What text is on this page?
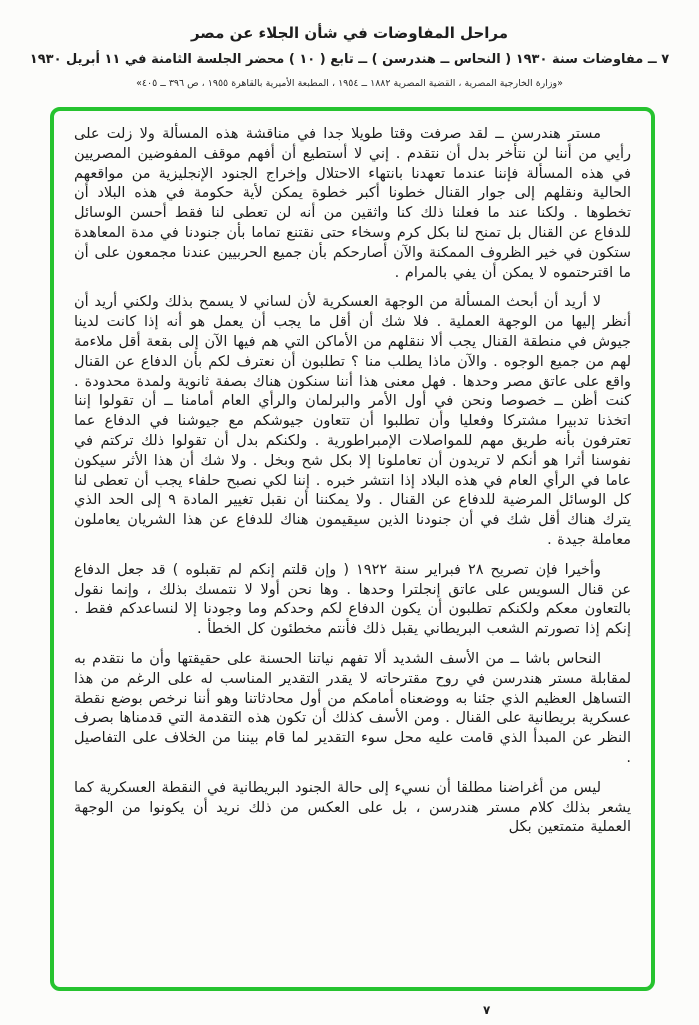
مراحل المفاوضات في شأن الجلاء عن مصر
٧ ــ مفاوضات سنة ١٩٣٠ ( النحاس ــ هندرسن ) ــ تابع ( ١٠ ) محضر الجلسة الثامنة في ١١ أبريل ١٩٣٠
«وزارة الخارجية المصرية ، القضية المصرية ١٨٨٢ ــ ١٩٥٤ ، المطبعة الأميرية بالقاهرة ١٩٥٥ ، ص ٣٩٦ ــ ٤٠٥»

مستر هندرسن ــ لقد صرفت وقتا طويلا جدا في مناقشة هذه المسألة ولا زلت على رأيي من أننا لن نتأخر بدل أن نتقدم . إني لا أستطيع أن أفهم موقف المفوضين المصريين في هذه المسألة فإننا عندما تعهدنا بانتهاء الاحتلال وإخراج الجنود الإنجليزية من مواقعهم الحالية ونقلهم إلى جوار القنال خطونا أكبر خطوة يمكن لأية حكومة في هذه البلاد أن تخطوها . ولكنا عند ما فعلنا ذلك كنا واثقين من أنه لن تعطى لنا فقط أحسن الوسائل للدفاع عن القنال بل تمنح لنا بكل كرم وسخاء حتى نقتنع تماما بأن جنودنا في مدة المعاهدة ستكون في خير الظروف الممكنة والآن أصارحكم بأن جميع الحربيين عندنا مجمعون على أن ما اقترحتموه لا يمكن أن يفي بالمرام .

لا أريد أن أبحث المسألة من الوجهة العسكرية لأن لساني لا يسمح بذلك ولكني أريد أن أنظر إليها من الوجهة العملية . فلا شك أن أقل ما يجب أن يعمل هو أنه إذا كانت لدينا جيوش في منطقة القنال يجب ألا ننقلهم من الأماكن التي هم فيها الآن إلى بقعة أقل ملاءمة لهم من جميع الوجوه . والآن ماذا يطلب منا ؟ تطلبون أن نعترف لكم بأن الدفاع عن القنال واقع على عاتق مصر وحدها . فهل معنى هذا أننا سنكون هناك بصفة ثانوية ولمدة محدودة . كنت أظن ــ خصوصا ونحن في أول الأمر والبرلمان والرأي العام أمامنا ــ أن تقولوا إننا اتخذنا تدبيرا مشتركا وفعليا وأن تطلبوا أن تتعاون جيوشكم مع جيوشنا في الدفاع عما تعترفون بأنه طريق مهم للمواصلات الإمبراطورية . ولكنكم بدل أن تقولوا ذلك تركتم في نفوسنا أثرا هو أنكم لا تريدون أن تعاملونا إلا بكل شح وبخل . ولا شك أن هذا الأثر سيكون عاما في الرأي العام في هذه البلاد إذا انتشر خبره . إننا لكي نصبح حلفاء يجب أن تعطى لنا كل الوسائل المرضية للدفاع عن القنال . ولا يمكننا أن نقبل تغيير المادة ٩ إلى الحد الذي يترك هناك أقل شك في أن جنودنا الذين سيقيمون هناك للدفاع عن هذا الشريان يعاملون معاملة جيدة .

وأخيرا فإن تصريح ٢٨ فبراير سنة ١٩٢٢ ( وإن قلتم إنكم لم تقبلوه ) قد جعل الدفاع عن قنال السويس على عاتق إنجلترا وحدها . وها نحن أولا لا نتمسك بذلك ، وإنما نقول بالتعاون معكم ولكنكم تطلبون أن يكون الدفاع لكم وحدكم وما وجودنا إلا لنساعدكم فقط . إنكم إذا تصورتم الشعب البريطاني يقبل ذلك فأنتم مخطئون كل الخطأ .

النحاس باشا ــ من الأسف الشديد ألا تفهم نياتنا الحسنة على حقيقتها وأن ما نتقدم به لمقابلة مستر هندرسن في روح مقترحاته لا يقدر التقدير المناسب له على الرغم من هذا التساهل العظيم الذي جئنا به ووضعناه أمامكم من أول محادثاتنا وهو أننا نرخص بوضع نقطة عسكرية بريطانية على القنال . ومن الأسف كذلك أن تكون هذه التقدمة التي قدمناها بصرف النظر عن المبدأ الذي قامت عليه محل سوء التقدير لما قام بيننا من الخلاف على التفاصيل .

ليس من أغراضنا مطلقا أن نسيء إلى حالة الجنود البريطانية في النقطة العسكرية كما يشعر بذلك كلام مستر هندرسن ، بل على العكس من ذلك نريد أن يكونوا من الوجهة العملية متمتعين بكل

٧
